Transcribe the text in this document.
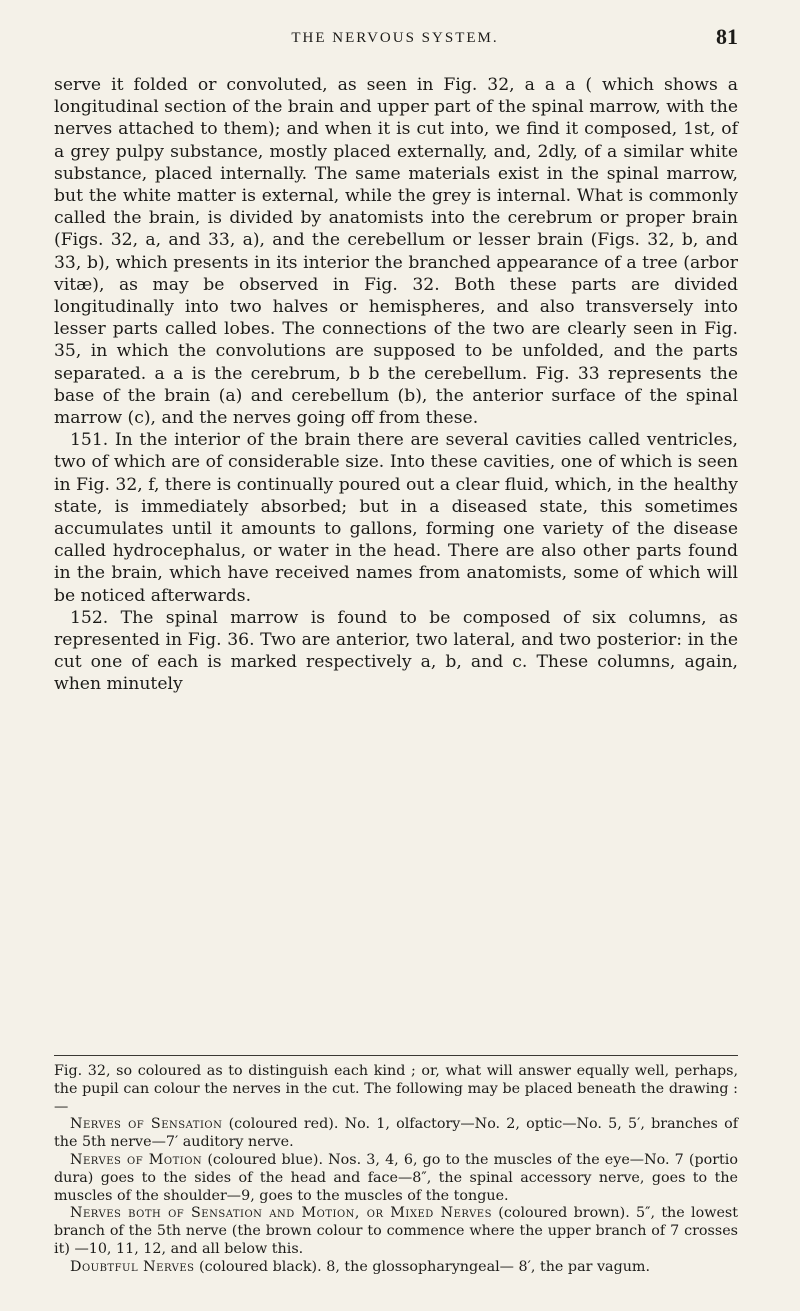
THE NERVOUS SYSTEM.	81

serve it folded or convoluted, as seen in Fig. 32, a a a ( which shows a longitudinal section of the brain and upper part of the spinal marrow, with the nerves attached to them); and when it is cut into, we find it composed, 1st, of a grey pulpy substance, mostly placed externally, and, 2dly, of a similar white substance, placed internally. The same materials exist in the spinal marrow, but the white matter is external, while the grey is internal. What is commonly called the brain, is divided by anatomists into the cerebrum or proper brain (Figs. 32, a, and 33, a), and the cerebellum or lesser brain (Figs. 32, b, and 33, b), which presents in its interior the branched appearance of a tree (arbor vitæ), as may be observed in Fig. 32. Both these parts are divided longitudinally into two halves or hemispheres, and also transversely into lesser parts called lobes. The connections of the two are clearly seen in Fig. 35, in which the convolutions are supposed to be unfolded, and the parts separated. a a is the cerebrum, b b the cerebellum. Fig. 33 represents the base of the brain (a) and cerebellum (b), the anterior surface of the spinal marrow (c), and the nerves going off from these.

151. In the interior of the brain there are several cavities called ventricles, two of which are of considerable size. Into these cavities, one of which is seen in Fig. 32, f, there is continually poured out a clear fluid, which, in the healthy state, is immediately absorbed; but in a diseased state, this sometimes accumulates until it amounts to gallons, forming one variety of the disease called hydrocephalus, or water in the head. There are also other parts found in the brain, which have received names from anatomists, some of which will be noticed afterwards.

152. The spinal marrow is found to be composed of six columns, as represented in Fig. 36. Two are anterior, two lateral, and two posterior: in the cut one of each is marked respectively a, b, and c. These columns, again, when minutely

Fig. 32, so coloured as to distinguish each kind ; or, what will answer equally well, perhaps, the pupil can colour the nerves in the cut. The following may be placed beneath the drawing :—

Nerves of Sensation (coloured red). No. 1, olfactory—No. 2, optic—No. 5, 5′, branches of the 5th nerve—7′ auditory nerve.

Nerves of Motion (coloured blue). Nos. 3, 4, 6, go to the muscles of the eye—No. 7 (portio dura) goes to the sides of the head and face—8″, the spinal accessory nerve, goes to the muscles of the shoulder—9, goes to the muscles of the tongue.

Nerves both of Sensation and Motion, or Mixed Nerves (coloured brown). 5″, the lowest branch of the 5th nerve (the brown colour to commence where the upper branch of 7 crosses it) —10, 11, 12, and all below this.

Doubtful Nerves (coloured black). 8, the glossopharyngeal— 8′, the par vagum.
